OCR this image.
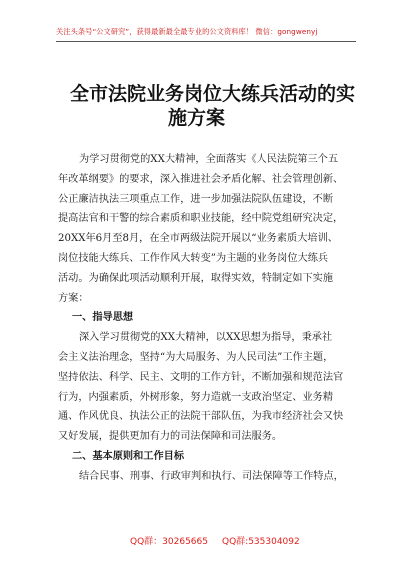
关注头条号“公文研究”，获得最新最全最专业的公文资料库！ 微信：gongwenyj
全市法院业务岗位大练兵活动的实
施方案
为学习贯彻党的XX大精神，全面落实《人民法院第三个五
年改革纲要》的要求，深入推进社会矛盾化解、社会管理创新、
公正廉洁执法三项重点工作，进一步加强法院队伍建设，不断
提高法官和干警的综合素质和职业技能，经中院党组研究决定，
20XX年6月至8月，在全市两级法院开展以“业务素质大培训、
岗位技能大练兵、工作作风大转变”为主题的业务岗位大练兵
活动。为确保此项活动顺利开展，取得实效，特制定如下实施
方案：
一、指导思想
深入学习贯彻党的XX大精神，以XX思想为指导，秉承社
会主义法治理念，坚持“为大局服务、为人民司法”工作主题，
坚持依法、科学、民主、文明的工作方针，不断加强和规范法官
行为，内强素质，外树形象，努力造就一支政治坚定、业务精
通、作风优良、执法公正的法院干部队伍，为我市经济社会又快
又好发展，提供更加有力的司法保障和司法服务。
二、基本原则和工作目标
结合民事、刑事、行政审判和执行、司法保障等工作特点，
QQ群：30265665 QQ群:535304092
